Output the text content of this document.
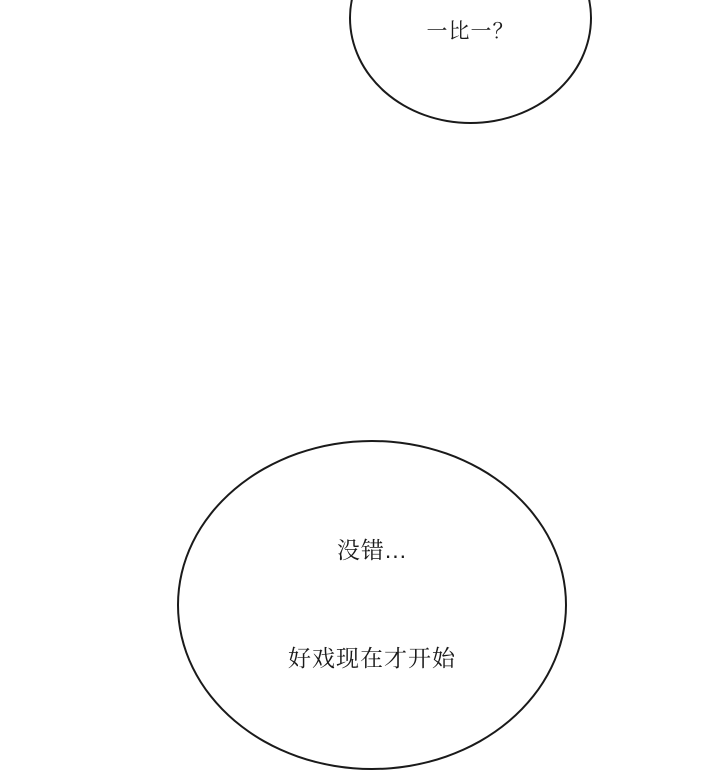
一比一？

没错...

好戏现在才开始
